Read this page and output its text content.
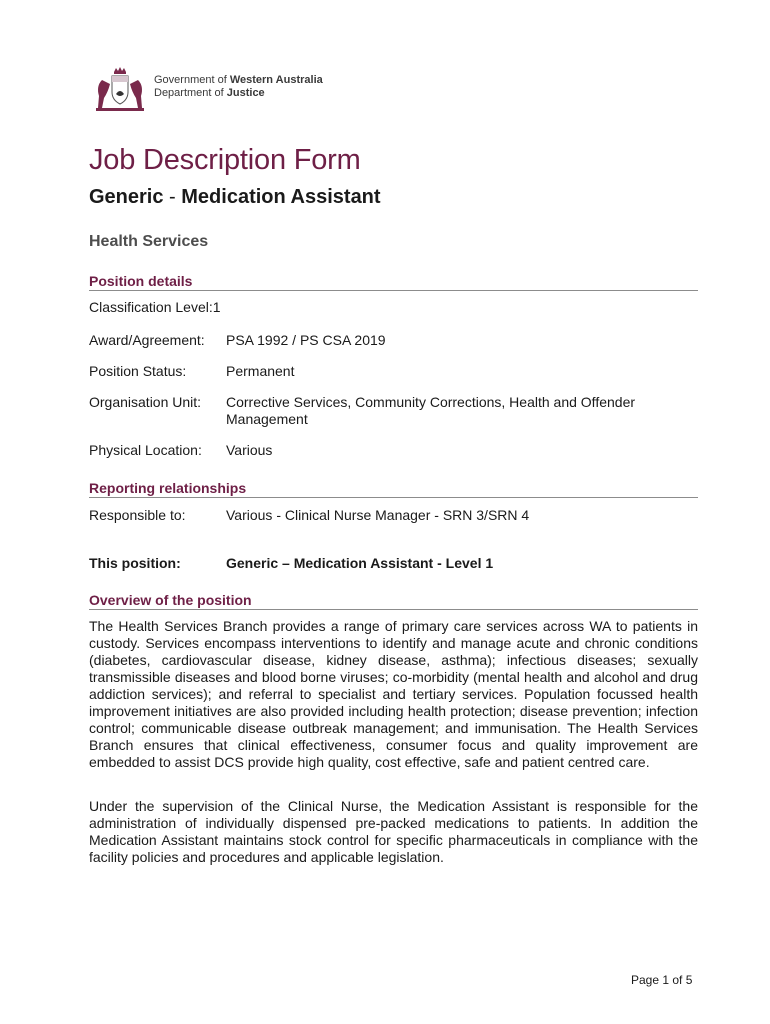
Government of Western Australia
Department of Justice
Job Description Form
Generic - Medication Assistant
Health Services
Position details
Classification Level: 1
Award/Agreement:	PSA 1992 / PS CSA 2019
Position Status:	Permanent
Organisation Unit:	Corrective Services, Community Corrections, Health and Offender Management
Physical Location:	Various
Reporting relationships
Responsible to:	Various - Clinical Nurse Manager - SRN 3/SRN 4
This position:	Generic – Medication Assistant - Level 1
Overview of the position
The Health Services Branch provides a range of primary care services across WA to patients in custody. Services encompass interventions to identify and manage acute and chronic conditions (diabetes, cardiovascular disease, kidney disease, asthma); infectious diseases; sexually transmissible diseases and blood borne viruses; co-morbidity (mental health and alcohol and drug addiction services); and referral to specialist and tertiary services. Population focussed health improvement initiatives are also provided including health protection; disease prevention; infection control; communicable disease outbreak management; and immunisation. The Health Services Branch ensures that clinical effectiveness, consumer focus and quality improvement are embedded to assist DCS provide high quality, cost effective, safe and patient centred care.
Under the supervision of the Clinical Nurse, the Medication Assistant is responsible for the administration of individually dispensed pre-packed medications to patients. In addition the Medication Assistant maintains stock control for specific pharmaceuticals in compliance with the facility policies and procedures and applicable legislation.
Page 1 of 5
